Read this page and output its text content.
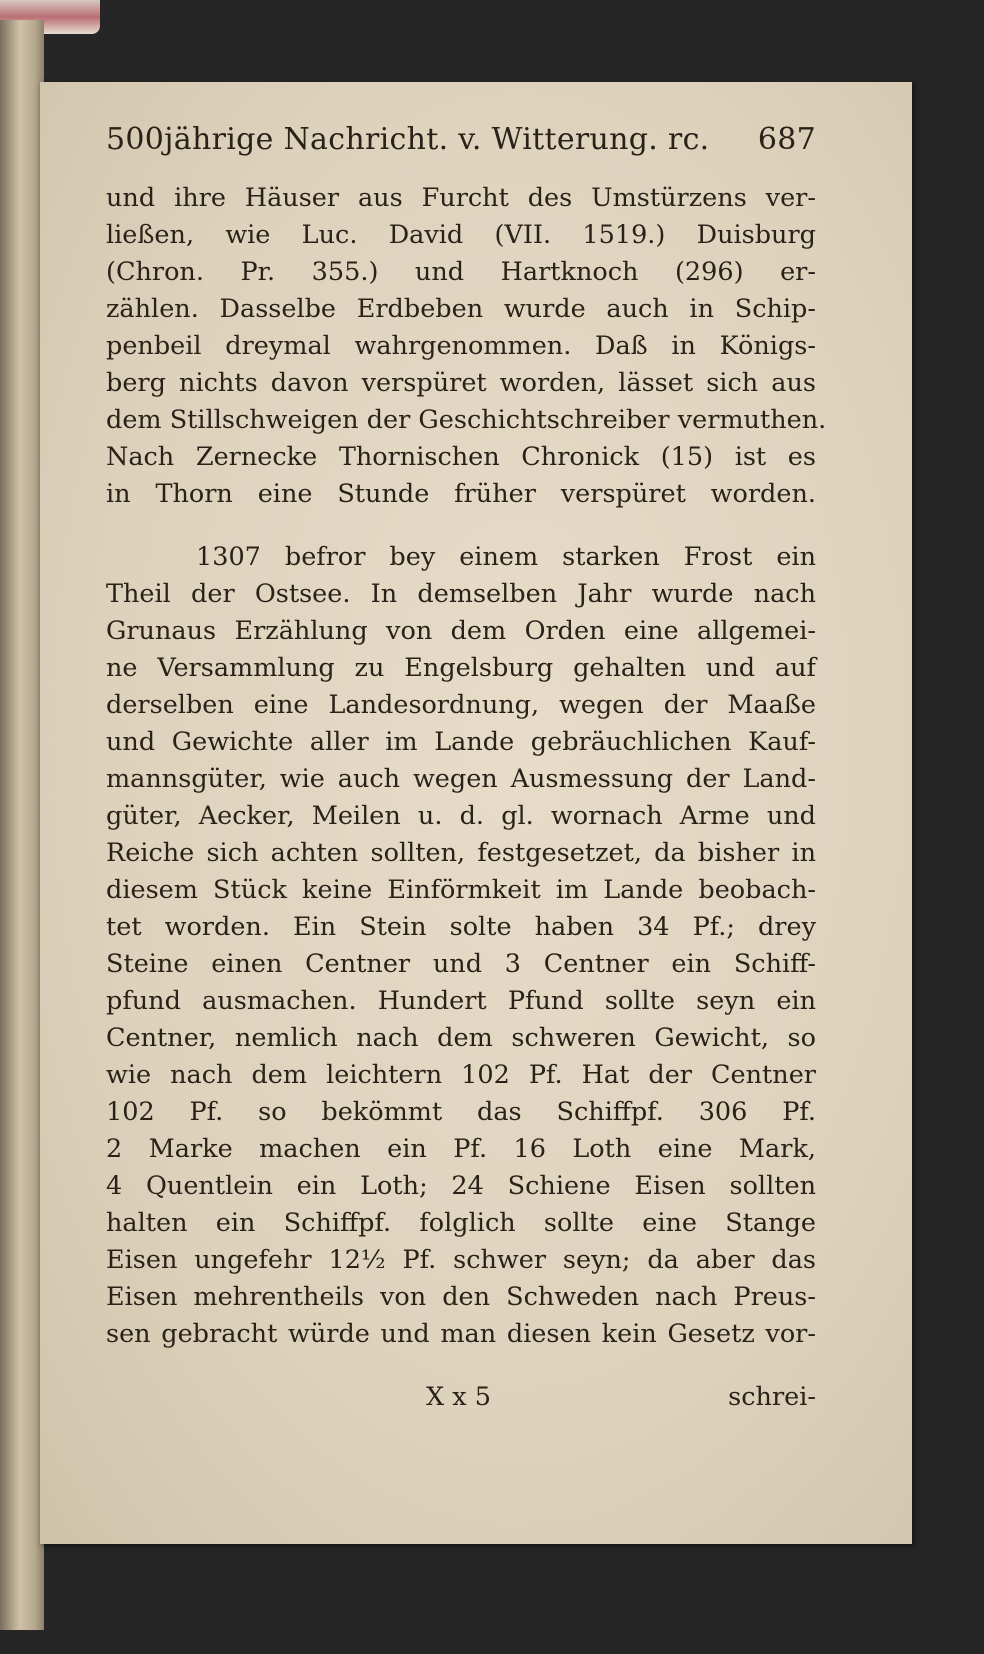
500jährige Nachricht. v. Witterung. rc. 687
und ihre Häuser aus Furcht des Umstürzens ver-
ließen, wie Luc. David (VII. 1519.) Duisburg
(Chron. Pr. 355.) und Hartknoch (296) er-
zählen. Dasselbe Erdbeben wurde auch in Schip-
penbeil dreymal wahrgenommen. Daß in Königs-
berg nichts davon verspüret worden, lässet sich aus
dem Stillschweigen der Geschichtschreiber vermuthen.
Nach Zernecke Thornischen Chronick (15) ist es
in Thorn eine Stunde früher verspüret worden.
1307 befror bey einem starken Frost ein
Theil der Ostsee. In demselben Jahr wurde nach
Grunaus Erzählung von dem Orden eine allgemei-
ne Versammlung zu Engelsburg gehalten und auf
derselben eine Landesordnung, wegen der Maaße
und Gewichte aller im Lande gebräuchlichen Kauf-
mannsgüter, wie auch wegen Ausmessung der Land-
güter, Aecker, Meilen u. d. gl. wornach Arme und
Reiche sich achten sollten, festgesetzet, da bisher in
diesem Stück keine Einförmkeit im Lande beobach-
tet worden. Ein Stein solte haben 34 Pf.; drey
Steine einen Centner und 3 Centner ein Schiff-
pfund ausmachen. Hundert Pfund sollte seyn ein
Centner, nemlich nach dem schweren Gewicht, so
wie nach dem leichtern 102 Pf. Hat der Centner
102 Pf. so bekömmt das Schiffpf. 306 Pf.
2 Marke machen ein Pf. 16 Loth eine Mark,
4 Quentlein ein Loth; 24 Schiene Eisen sollten
halten ein Schiffpf. folglich sollte eine Stange
Eisen ungefehr 12½ Pf. schwer seyn; da aber das
Eisen mehrentheils von den Schweden nach Preus-
sen gebracht würde und man diesen kein Gesetz vor-
X x 5	schrei-
